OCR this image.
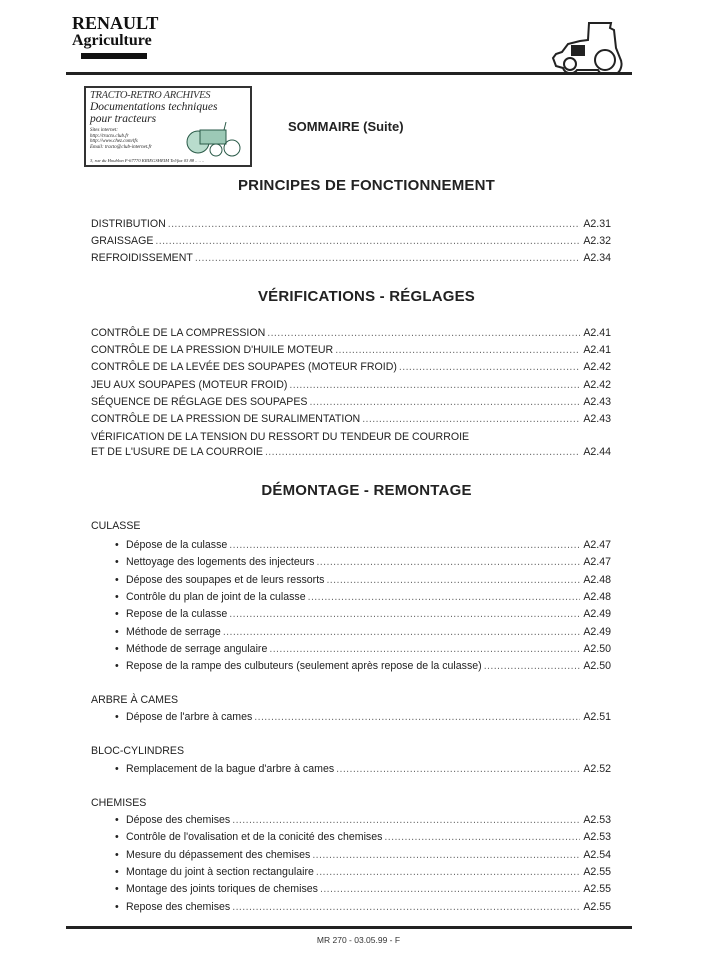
RENAULT
Agriculture
TRACTO-RETRO ARCHIVES
Documentations techniques
pour tracteurs
Sites internet:
http://tracto.club.fr
http://www.chez.com/tfs
Email: tracto@club-internet.fr
3, rue du Houblon F-67770 KRIEGSHEIM Tel/fax 03 88 .. .. ..
SOMMAIRE (Suite)
PRINCIPES DE FONCTIONNEMENT
DISTRIBUTION .....	A2.31
GRAISSAGE .....	A2.32
REFROIDISSEMENT .....	A2.34
VÉRIFICATIONS - RÉGLAGES
CONTRÔLE DE LA COMPRESSION .....	A2.41
CONTRÔLE DE LA PRESSION D'HUILE MOTEUR .....	A2.41
CONTRÔLE DE LA LEVÉE DES SOUPAPES (MOTEUR FROID) .....	A2.42
JEU AUX SOUPAPES (MOTEUR FROID) .....	A2.42
SÉQUENCE DE RÉGLAGE DES SOUPAPES .....	A2.43
CONTRÔLE DE LA PRESSION DE SURALIMENTATION .....	A2.43
VÉRIFICATION DE LA TENSION DU RESSORT DU TENDEUR DE COURROIE
ET DE L'USURE DE LA COURROIE .....	A2.44
DÉMONTAGE - REMONTAGE
CULASSE
• Dépose de la culasse .....	A2.47
• Nettoyage des logements des injecteurs .....	A2.47
• Dépose des soupapes et de leurs ressorts .....	A2.48
• Contrôle du plan de joint de la culasse .....	A2.48
• Repose de la culasse .....	A2.49
• Méthode de serrage .....	A2.49
• Méthode de serrage angulaire .....	A2.50
• Repose de la rampe des culbuteurs (seulement après repose de la culasse) .....	A2.50
• Dépose de l'arbre à cames .....	A2.51
• Remplacement de la bague d'arbre à cames .....	A2.52
• Dépose des chemises .....	A2.53
• Contrôle de l'ovalisation et de la conicité des chemises .....	A2.53
• Mesure du dépassement des chemises .....	A2.54
• Montage du joint à section rectangulaire .....	A2.55
• Montage des joints toriques de chemises .....	A2.55
• Repose des chemises .....	A2.55
ARBRE À CAMES
BLOC-CYLINDRES
CHEMISES
MR 270 - 03.05.99 - F
